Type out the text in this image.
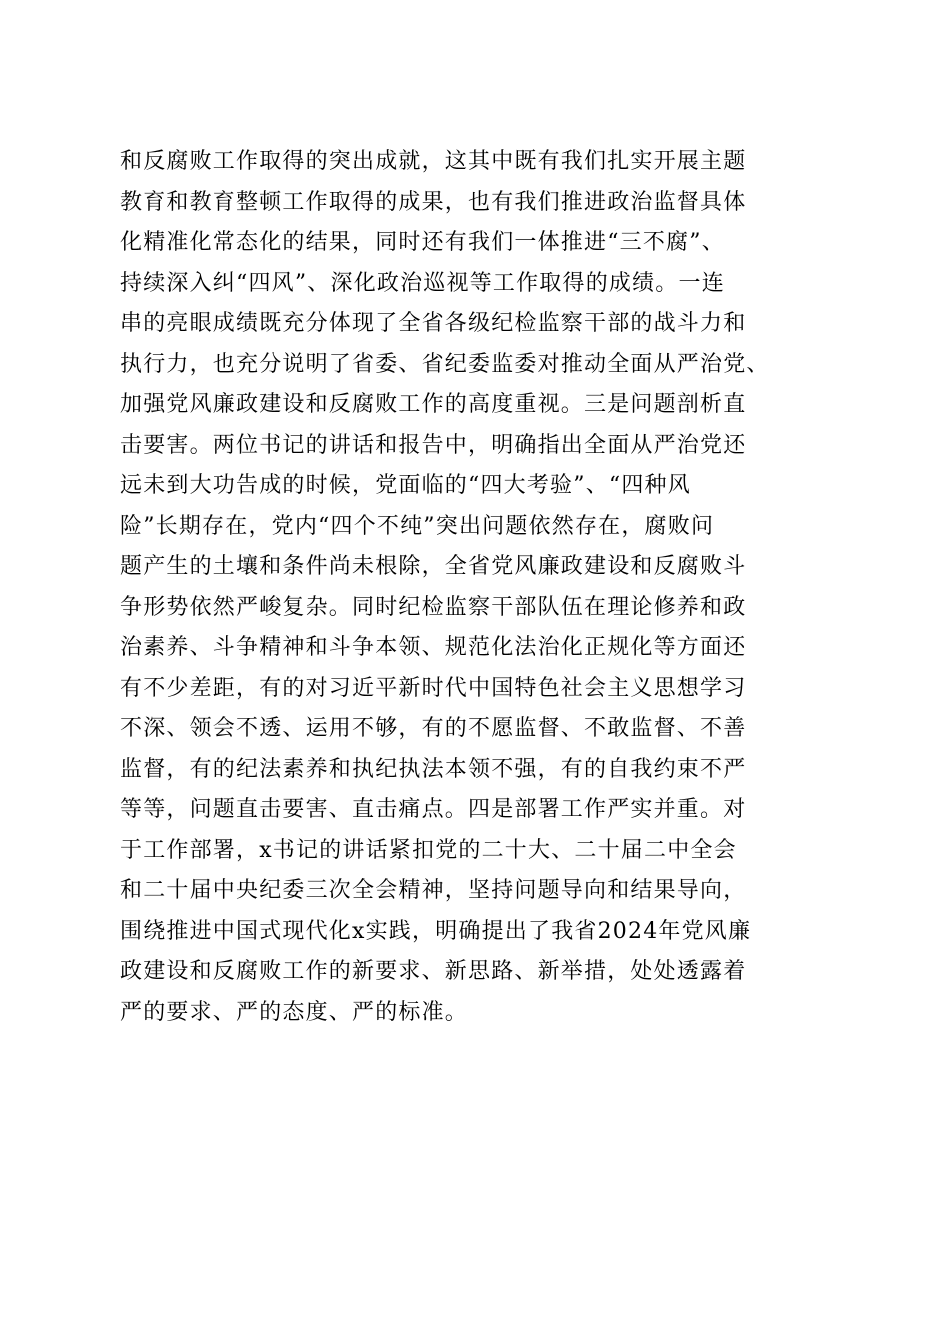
和反腐败工作取得的突出成就，这其中既有我们扎实开展主题
教育和教育整顿工作取得的成果，也有我们推进政治监督具体
化精准化常态化的结果，同时还有我们一体推进“三不腐”、
持续深入纠“四风”、深化政治巡视等工作取得的成绩。一连
串的亮眼成绩既充分体现了全省各级纪检监察干部的战斗力和
执行力，也充分说明了省委、省纪委监委对推动全面从严治党、
加强党风廉政建设和反腐败工作的高度重视。三是问题剖析直
击要害。两位书记的讲话和报告中，明确指出全面从严治党还
远未到大功告成的时候，党面临的“四大考验”、“四种风
险”长期存在，党内“四个不纯”突出问题依然存在，腐败问
题产生的土壤和条件尚未根除，全省党风廉政建设和反腐败斗
争形势依然严峻复杂。同时纪检监察干部队伍在理论修养和政
治素养、斗争精神和斗争本领、规范化法治化正规化等方面还
有不少差距，有的对习近平新时代中国特色社会主义思想学习
不深、领会不透、运用不够，有的不愿监督、不敢监督、不善
监督，有的纪法素养和执纪执法本领不强，有的自我约束不严
等等，问题直击要害、直击痛点。四是部署工作严实并重。对
于工作部署，x书记的讲话紧扣党的二十大、二十届二中全会
和二十届中央纪委三次全会精神，坚持问题导向和结果导向，
围绕推进中国式现代化x实践，明确提出了我省2024年党风廉
政建设和反腐败工作的新要求、新思路、新举措，处处透露着
严的要求、严的态度、严的标准。
